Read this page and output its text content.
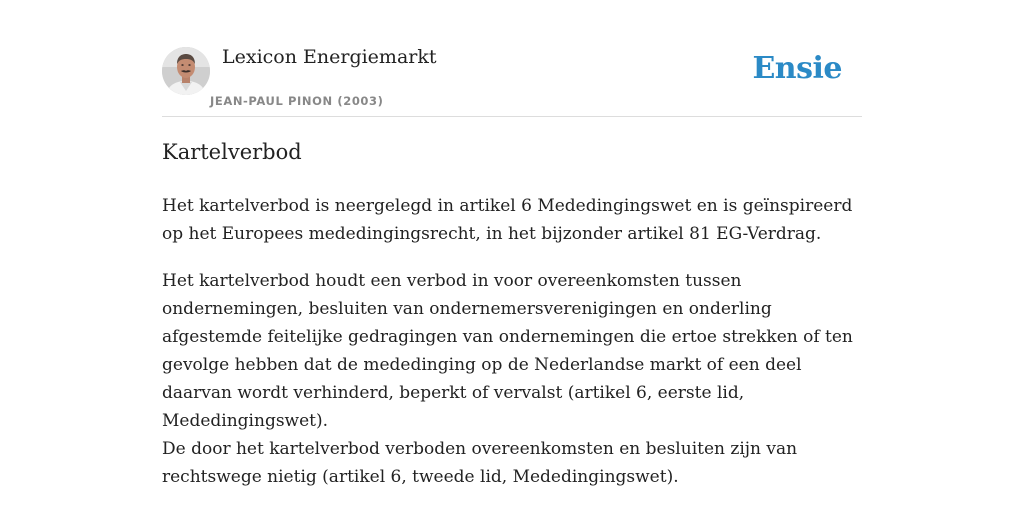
Lexicon Energiemarkt
JEAN-PAUL PINON (2003)
Ensie
Kartelverbod

Het kartelverbod is neergelegd in artikel 6 Mededingingswet en is geïnspireerd op het Europees mededingingsrecht, in het bijzonder artikel 81 EG-Verdrag.

Het kartelverbod houdt een verbod in voor overeenkomsten tussen ondernemingen, besluiten van ondernemersverenigingen en onderling afgestemde feitelijke gedragingen van ondernemingen die ertoe strekken of ten gevolge hebben dat de mededinging op de Nederlandse markt of een deel daarvan wordt verhinderd, beperkt of vervalst (artikel 6, eerste lid, Mededingingswet).

De door het kartelverbod verboden overeenkomsten en besluiten zijn van rechtswege nietig (artikel 6, tweede lid, Mededingingswet).
